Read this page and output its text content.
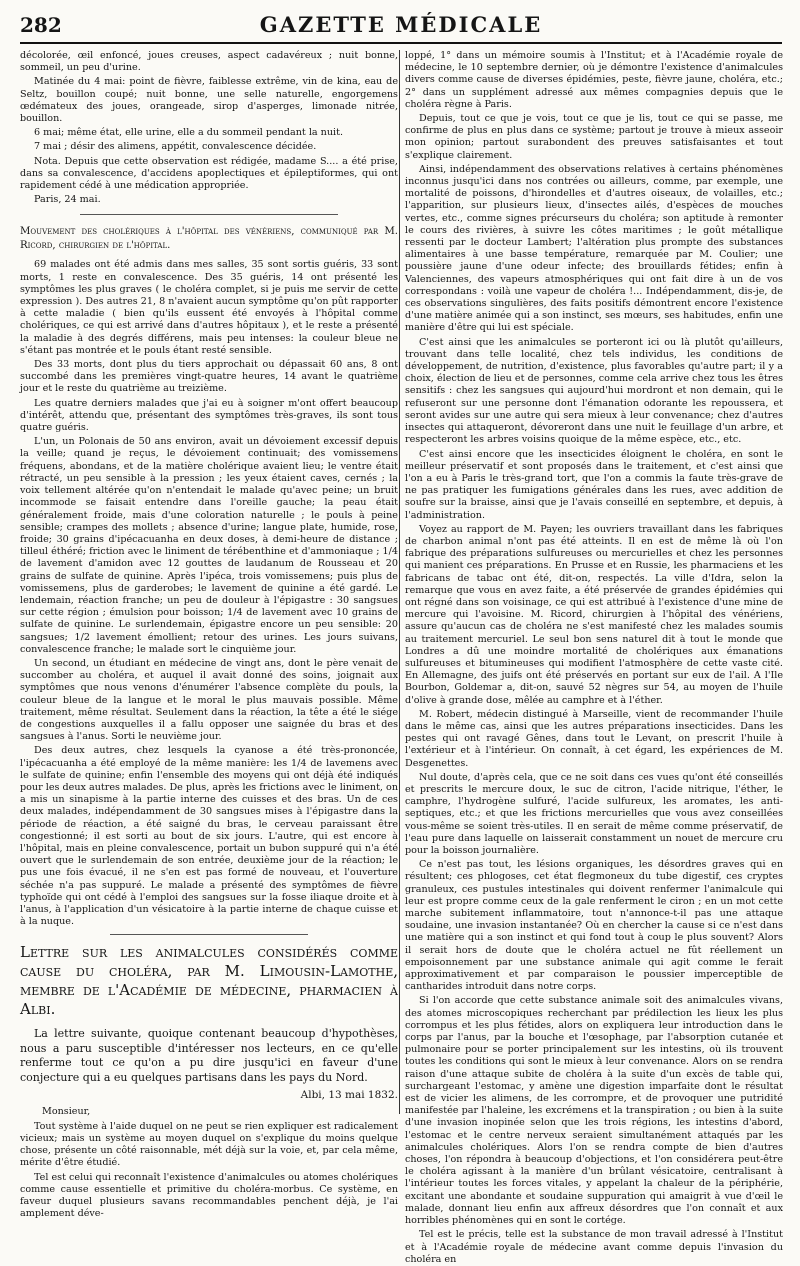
GAZETTE MÉDICALE
282

décolorée, œil enfoncé, joues creuses, aspect cadavéreux ; nuit bonne, sommeil, un peu d'urine.

Matinée du 4 mai: point de fièvre, faiblesse extrême, vin de kina, eau de Seltz, bouillon coupé; nuit bonne, une selle naturelle, engorgemens œdémateux des joues, orangeade, sirop d'asperges, limonade nitrée, bouillon.

6 mai; même état, elle urine, elle a du sommeil pendant la nuit.

7 mai ; désir des alimens, appétit, convalescence décidée.

Nota. Depuis que cette observation est rédigée, madame S.... a été prise, dans sa convalescence, d'accidens apoplectiques et épileptiformes, qui ont rapidement cédé à une médication appropriée.

Paris, 24 mai.

Mouvement des cholériques à l'hôpital des vénériens, communiqué par M. Ricord, chirurgien de l'hôpital.

69 malades ont été admis dans mes salles, 35 sont sortis guéris, 33 sont morts, 1 reste en convalescence. Des 35 guéris, 14 ont présenté les symptômes les plus graves ( le choléra complet, si je puis me servir de cette expression ). Des autres 21, 8 n'avaient aucun symptôme qu'on pût rapporter à cette maladie ( bien qu'ils eussent été envoyés à l'hôpital comme cholériques, ce qui est arrivé dans d'autres hôpitaux ), et le reste a présenté la maladie à des degrés différens, mais peu intenses: la couleur bleue ne s'étant pas montrée et le pouls étant resté sensible.

Des 33 morts, dont plus du tiers approchait ou dépassait 60 ans, 8 ont succombé dans les premières vingt-quatre heures, 14 avant le quatrième jour et le reste du quatrième au treizième.

Les quatre derniers malades que j'ai eu à soigner m'ont offert beaucoup d'intérêt, attendu que, présentant des symptômes très-graves, ils sont tous quatre guéris.

L'un, un Polonais de 50 ans environ, avait un dévoiement excessif depuis la veille; quand je reçus, le dévoiement continuait; des vomissemens fréquens, abondans, et de la matière cholérique avaient lieu; le ventre était rétracté, un peu sensible à la pression ; les yeux étaient caves, cernés ; la voix tellement altérée qu'on n'entendait le malade qu'avec peine; un bruit incommode se faisait entendre dans l'oreille gauche; la peau était généralement froide, mais d'une coloration naturelle ; le pouls à peine sensible; crampes des mollets ; absence d'urine; langue plate, humide, rose, froide; 30 grains d'ipécacuanha en deux doses, à demi-heure de distance ; tilleul éthéré; friction avec le liniment de térébenthine et d'ammoniaque ; 1/4 de lavement d'amidon avec 12 gouttes de laudanum de Rousseau et 20 grains de sulfate de quinine. Après l'ipéca, trois vomissemens; puis plus de vomissemens, plus de garderobes; le lavement de quinine a été gardé. Le lendemain, réaction franche; un peu de douleur à l'épigastre : 30 sangsues sur cette région ; émulsion pour boisson; 1/4 de lavement avec 10 grains de sulfate de quinine. Le surlendemain, épigastre encore un peu sensible: 20 sangsues; 1/2 lavement émollient; retour des urines. Les jours suivans, convalescence franche; le malade sort le cinquième jour.

Un second, un étudiant en médecine de vingt ans, dont le père venait de succomber au choléra, et auquel il avait donné des soins, joignait aux symptômes que nous venons d'énumérer l'absence complète du pouls, la couleur bleue de la langue et le moral le plus mauvais possible. Même traitement, même résultat. Seulement dans la réaction, la tête a été le siége de congestions auxquelles il a fallu opposer une saignée du bras et des sangsues à l'anus. Sorti le neuvième jour.

Des deux autres, chez lesquels la cyanose a été très-prononcée, l'ipécacuanha a été employé de la même manière: les 1/4 de lavemens avec le sulfate de quinine; enfin l'ensemble des moyens qui ont déjà été indiqués pour les deux autres malades. De plus, après les frictions avec le liniment, on a mis un sinapisme à la partie interne des cuisses et des bras. Un de ces deux malades, indépendamment de 30 sangsues mises à l'épigastre dans la période de réaction, a été saigné du bras, le cerveau paraissant être congestionné; il est sorti au bout de six jours. L'autre, qui est encore à l'hôpital, mais en pleine convalescence, portait un bubon suppuré qui n'a été ouvert que le surlendemain de son entrée, deuxième jour de la réaction; le pus une fois évacué, il ne s'en est pas formé de nouveau, et l'ouverture séchée n'a pas suppuré. Le malade a présenté des symptômes de fièvre typhoïde qui ont cédé à l'emploi des sangsues sur la fosse iliaque droite et à l'anus, à l'application d'un vésicatoire à la partie interne de chaque cuisse et à la nuque.

Lettre sur les animalcules considérés comme cause du choléra, par M. Limousin-Lamothe, membre de l'Académie de médecine, pharmacien à Albi.

La lettre suivante, quoique contenant beaucoup d'hypothèses, nous a paru susceptible d'intéresser nos lecteurs, en ce qu'elle renferme tout ce qu'on a pu dire jusqu'ici en faveur d'une conjecture qui a eu quelques partisans dans les pays du Nord.

Albi, 13 mai 1832.

Monsieur,

Tout système à l'aide duquel on ne peut se rien expliquer est radicalement vicieux; mais un système au moyen duquel on s'explique du moins quelque chose, présente un côté raisonnable, mét déjà sur la voie, et, par cela même, mérite d'être étudié.

Tel est celui qui reconnaît l'existence d'animalcules ou atomes cholériques comme cause essentielle et primitive du choléra-morbus. Ce système, en faveur duquel plusieurs savans recommandables penchent déjà, je l'ai amplement déve-

loppé, 1° dans un mémoire soumis à l'Institut; et à l'Académie royale de médecine, le 10 septembre dernier, où je démontre l'existence d'animalcules divers comme cause de diverses épidémies, peste, fièvre jaune, choléra, etc.; 2° dans un supplément adressé aux mêmes compagnies depuis que le choléra règne à Paris.

Depuis, tout ce que je vois, tout ce que je lis, tout ce qui se passe, me confirme de plus en plus dans ce système; partout je trouve à mieux asseoir mon opinion; partout surabondent des preuves satisfaisantes et tout s'explique clairement.

Ainsi, indépendamment des observations relatives à certains phénomènes inconnus jusqu'ici dans nos contrées ou ailleurs, comme, par exemple, une mortalité de poissons, d'hirondelles et d'autres oiseaux, de volailles, etc.; l'apparition, sur plusieurs lieux, d'insectes ailés, d'espèces de mouches vertes, etc., comme signes précurseurs du choléra; son aptitude à remonter le cours des rivières, à suivre les côtes maritimes ; le goût métallique ressenti par le docteur Lambert; l'altération plus prompte des substances alimentaires à une basse température, remarquée par M. Coulier; une poussière jaune d'une odeur infecte; des brouillards fétides; enfin à Valenciennes, des vapeurs atmosphériques qui ont fait dire à un de vos correspondans : voilà une vapeur de choléra !... Indépendamment, dis-je, de ces observations singulières, des faits positifs démontrent encore l'existence d'une matière animée qui a son instinct, ses mœurs, ses habitudes, enfin une manière d'être qui lui est spéciale.

C'est ainsi que les animalcules se porteront ici ou là plutôt qu'ailleurs, trouvant dans telle localité, chez tels individus, les conditions de développement, de nutrition, d'existence, plus favorables qu'autre part; il y a choix, élection de lieu et de personnes, comme cela arrive chez tous les êtres sensitifs : chez les sangsues qui aujourd'hui mordront et non demain, qui le refuseront sur une personne dont l'émanation odorante les repoussera, et seront avides sur une autre qui sera mieux à leur convenance; chez d'autres insectes qui attaqueront, dévoreront dans une nuit le feuillage d'un arbre, et respecteront les arbres voisins quoique de la même espèce, etc., etc.

C'est ainsi encore que les insecticides éloignent le choléra, en sont le meilleur préservatif et sont proposés dans le traitement, et c'est ainsi que l'on a eu à Paris le très-grand tort, que l'on a commis la faute très-grave de ne pas pratiquer les fumigations générales dans les rues, avec addition de soufre sur la braisse, ainsi que je l'avais conseillé en septembre, et depuis, à l'administration.

Voyez au rapport de M. Payen; les ouvriers travaillant dans les fabriques de charbon animal n'ont pas été atteints. Il en est de même là où l'on fabrique des préparations sulfureuses ou mercurielles et chez les personnes qui manient ces préparations. En Prusse et en Russie, les pharmaciens et les fabricans de tabac ont été, dit-on, respectés. La ville d'Idra, selon la remarque que vous en avez faite, a été préservée de grandes épidémies qui ont régné dans son voisinage, ce qui est attribué à l'existence d'une mine de mercure qui l'avoisine. M. Ricord, chirurgien à l'hôpital des vénériens, assure qu'aucun cas de choléra ne s'est manifesté chez les malades soumis au traitement mercuriel. Le seul bon sens naturel dit à tout le monde que Londres a dû une moindre mortalité de cholériques aux émanations sulfureuses et bitumineuses qui modifient l'atmosphère de cette vaste cité. En Allemagne, des juifs ont été préservés en portant sur eux de l'ail. A l'Ile Bourbon, Goldemar a, dit-on, sauvé 52 nègres sur 54, au moyen de l'huile d'olive à grande dose, mêlée au camphre et à l'éther.

M. Robert, médecin distingué à Marseille, vient de recommander l'huile dans le même cas, ainsi que les autres préparations insecticides. Dans les pestes qui ont ravagé Gênes, dans tout le Levant, on prescrit l'huile à l'extérieur et à l'intérieur. On connaît, à cet égard, les expériences de M. Desgenettes.

Nul doute, d'après cela, que ce ne soit dans ces vues qu'ont été conseillés et prescrits le mercure doux, le suc de citron, l'acide nitrique, l'éther, le camphre, l'hydrogène sulfuré, l'acide sulfureux, les aromates, les anti-septiques, etc.; et que les frictions mercurielles que vous avez conseillées vous-même se soient très-utiles. Il en serait de même comme préservatif, de l'eau pure dans laquelle on laisserait constamment un nouet de mercure cru pour la boisson journalière.

Ce n'est pas tout, les lésions organiques, les désordres graves qui en résultent; ces phlogoses, cet état flegmoneux du tube digestif, ces cryptes granuleux, ces pustules intestinales qui doivent renfermer l'animalcule qui leur est propre comme ceux de la gale renferment le ciron ; en un mot cette marche subitement inflammatoire, tout n'annonce-t-il pas une attaque soudaine, une invasion instantanée? Où en chercher la cause si ce n'est dans une matière qui a son instinct et qui fond tout à coup le plus souvent? Alors il serait hors de doute que le choléra actuel ne fût réellement un empoisonnement par une substance animale qui agit comme le ferait approximativement et par comparaison le poussier imperceptible de cantharides introduit dans notre corps.

Si l'on accorde que cette substance animale soit des animalcules vivans, des atomes microscopiques recherchant par prédilection les lieux les plus corrompus et les plus fétides, alors on expliquera leur introduction dans le corps par l'anus, par la bouche et l'œsophage, par l'absorption cutanée et pulmonaire pour se porter principalement sur les intestins, où ils trouvent toutes les conditions qui sont le mieux à leur convenance. Alors on se rendra raison d'une attaque subite de choléra à la suite d'un excès de table qui, surchargeant l'estomac, y amène une digestion imparfaite dont le résultat est de vicier les alimens, de les corrompre, et de provoquer une putridité manifestée par l'haleine, les excrémens et la transpiration ; ou bien à la suite d'une invasion inopinée selon que les trois régions, les intestins d'abord, l'estomac et le centre nerveux seraient simultanément attaqués par les animalcules cholériques. Alors l'on se rendra compte de bien d'autres choses, l'on répondra à beaucoup d'objections, et l'on considérera peut-être le choléra agissant à la manière d'un brûlant vésicatoire, centralisant à l'intérieur toutes les forces vitales, y appelant la chaleur de la périphérie, excitant une abondante et soudaine suppuration qui amaigrit à vue d'œil le malade, donnant lieu enfin aux affreux désordres que l'on connaît et aux horribles phénomènes qui en sont le cortége.

Tel est le précis, telle est la substance de mon travail adressé à l'Institut et à l'Académie royale de médecine avant comme depuis l'invasion du choléra en
